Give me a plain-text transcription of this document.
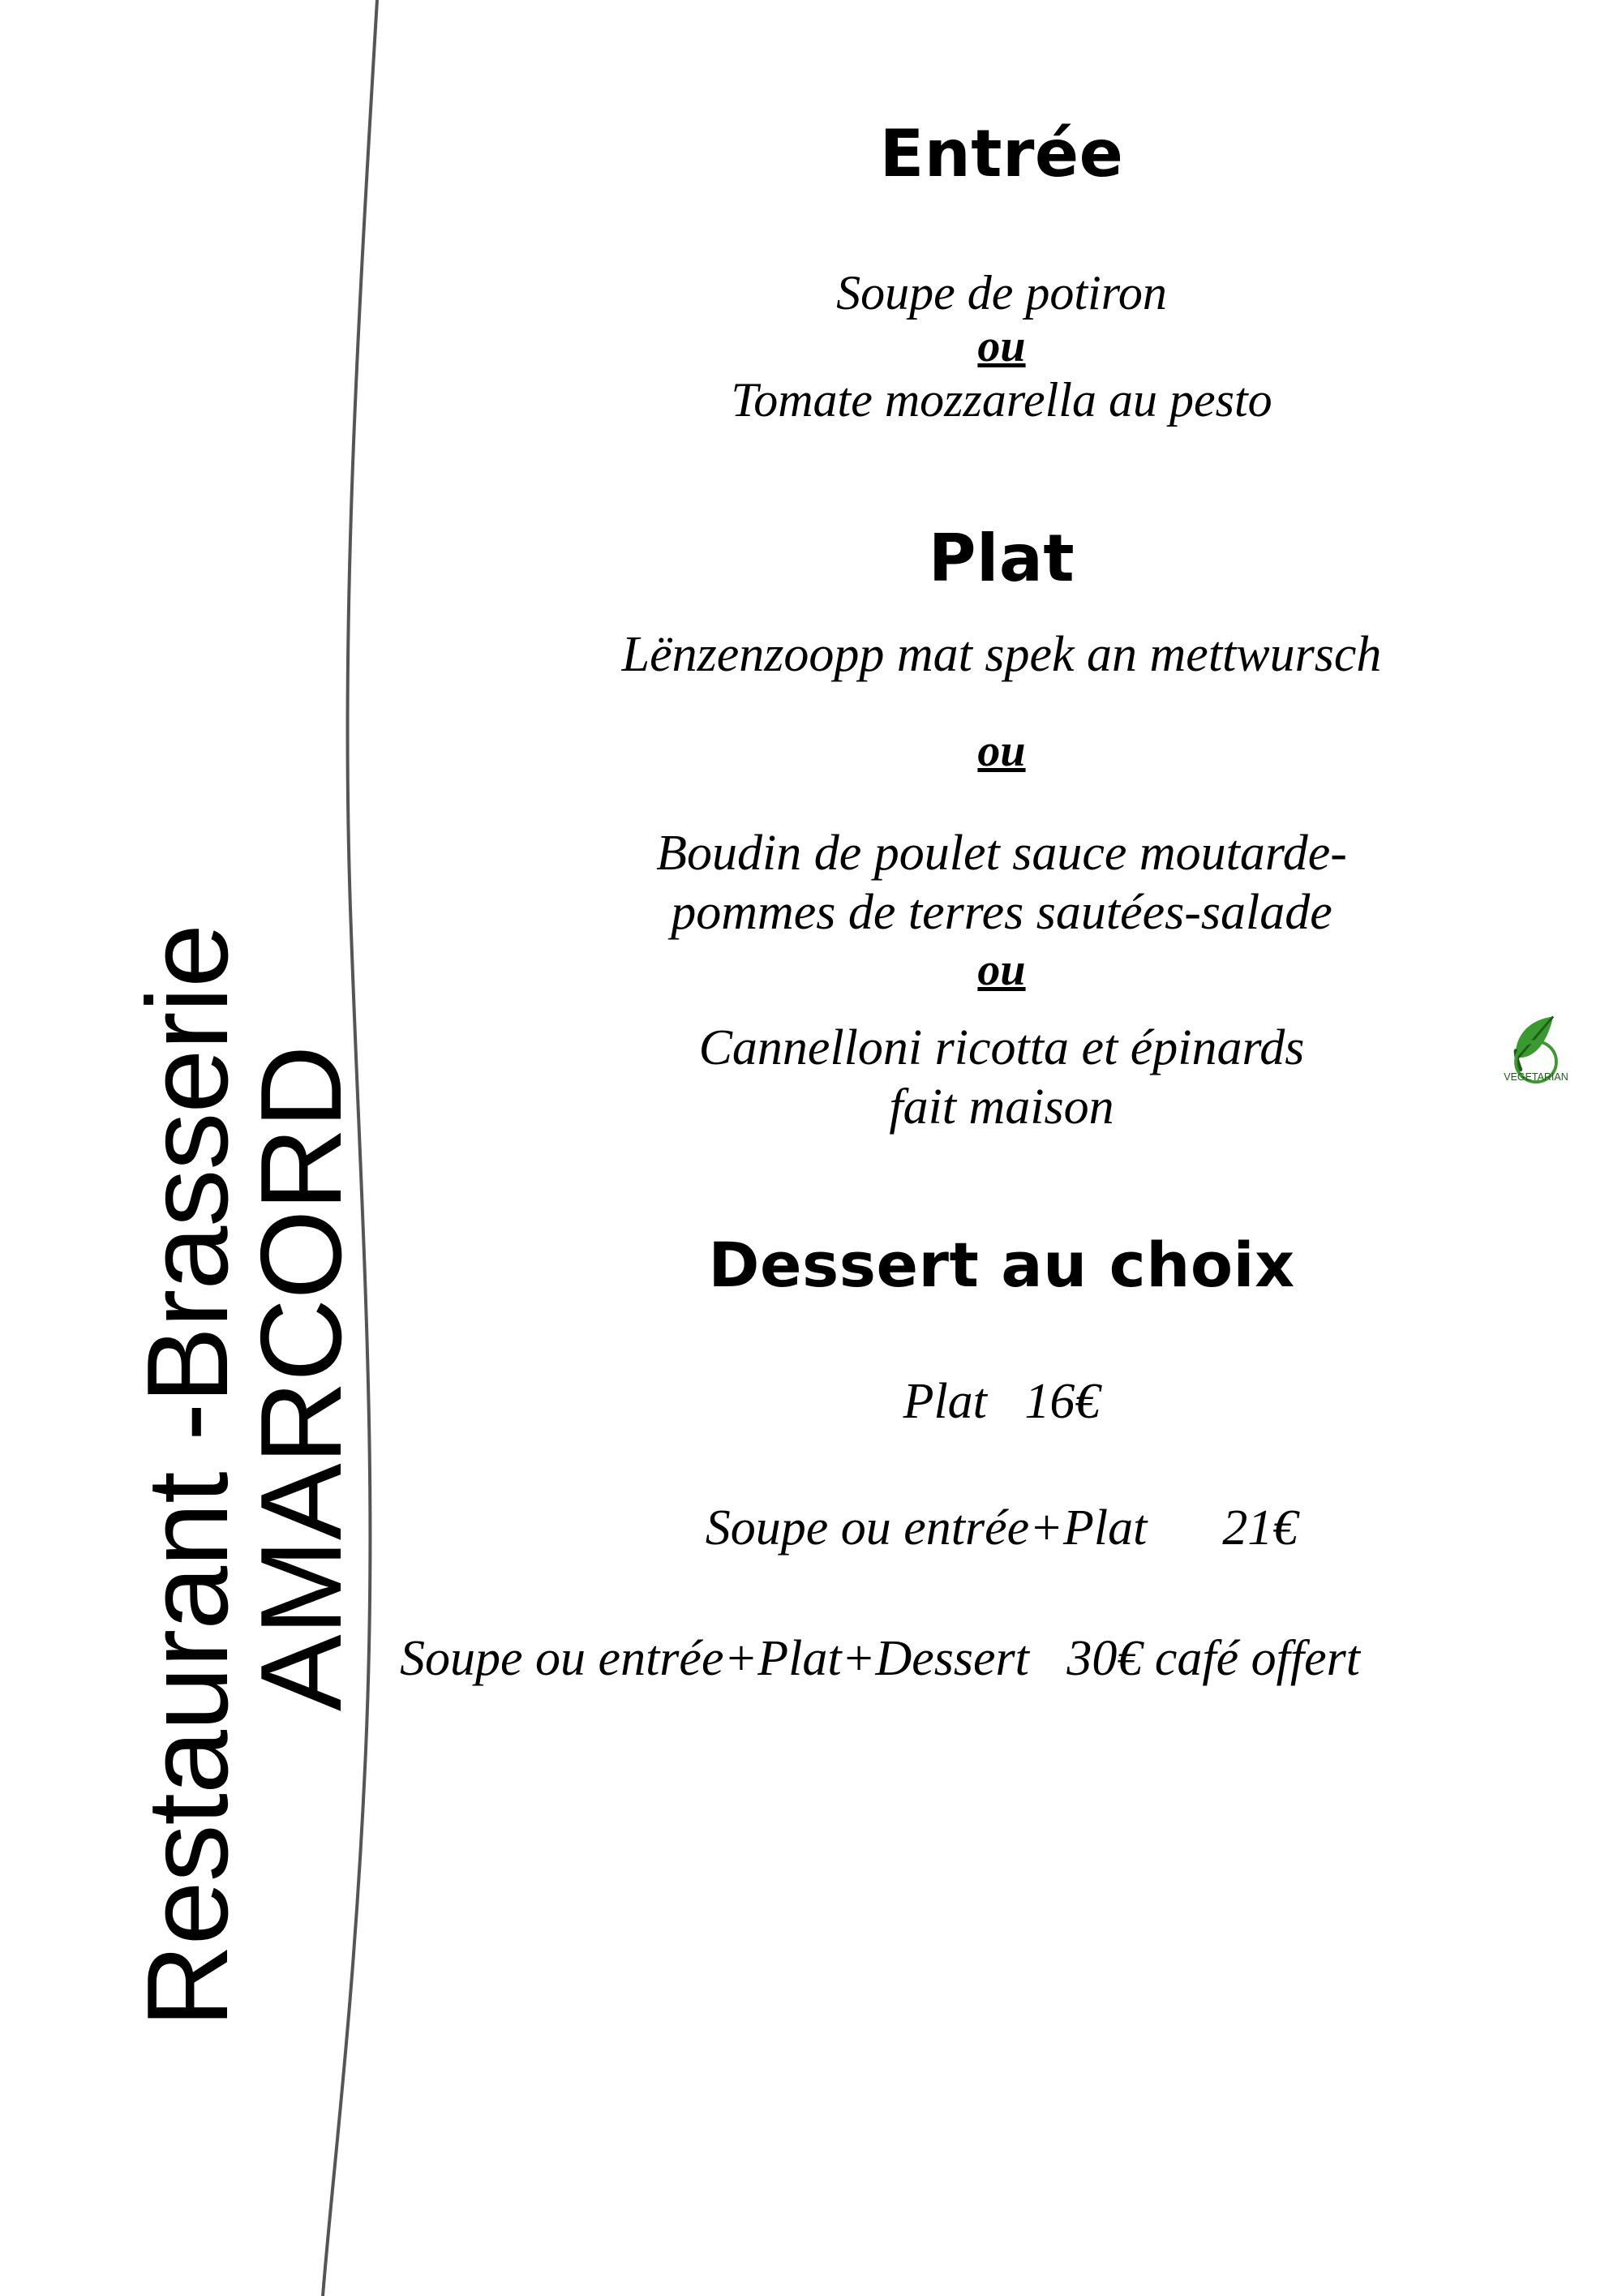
Restaurant -Brasserie
AMARCORD
Entrée
Soupe de potiron
ou
Tomate mozzarella au pesto
Plat
Lënzenzoopp mat spek an mettwursch
ou
Boudin de poulet sauce moutarde-
pommes de terres sautées-salade
ou
Cannelloni ricotta et épinards
fait maison
VEGETARIAN
Dessert au choix
Plat   16€
Soupe ou entrée+Plat      21€
Soupe ou entrée+Plat+Dessert   30€ café offert
